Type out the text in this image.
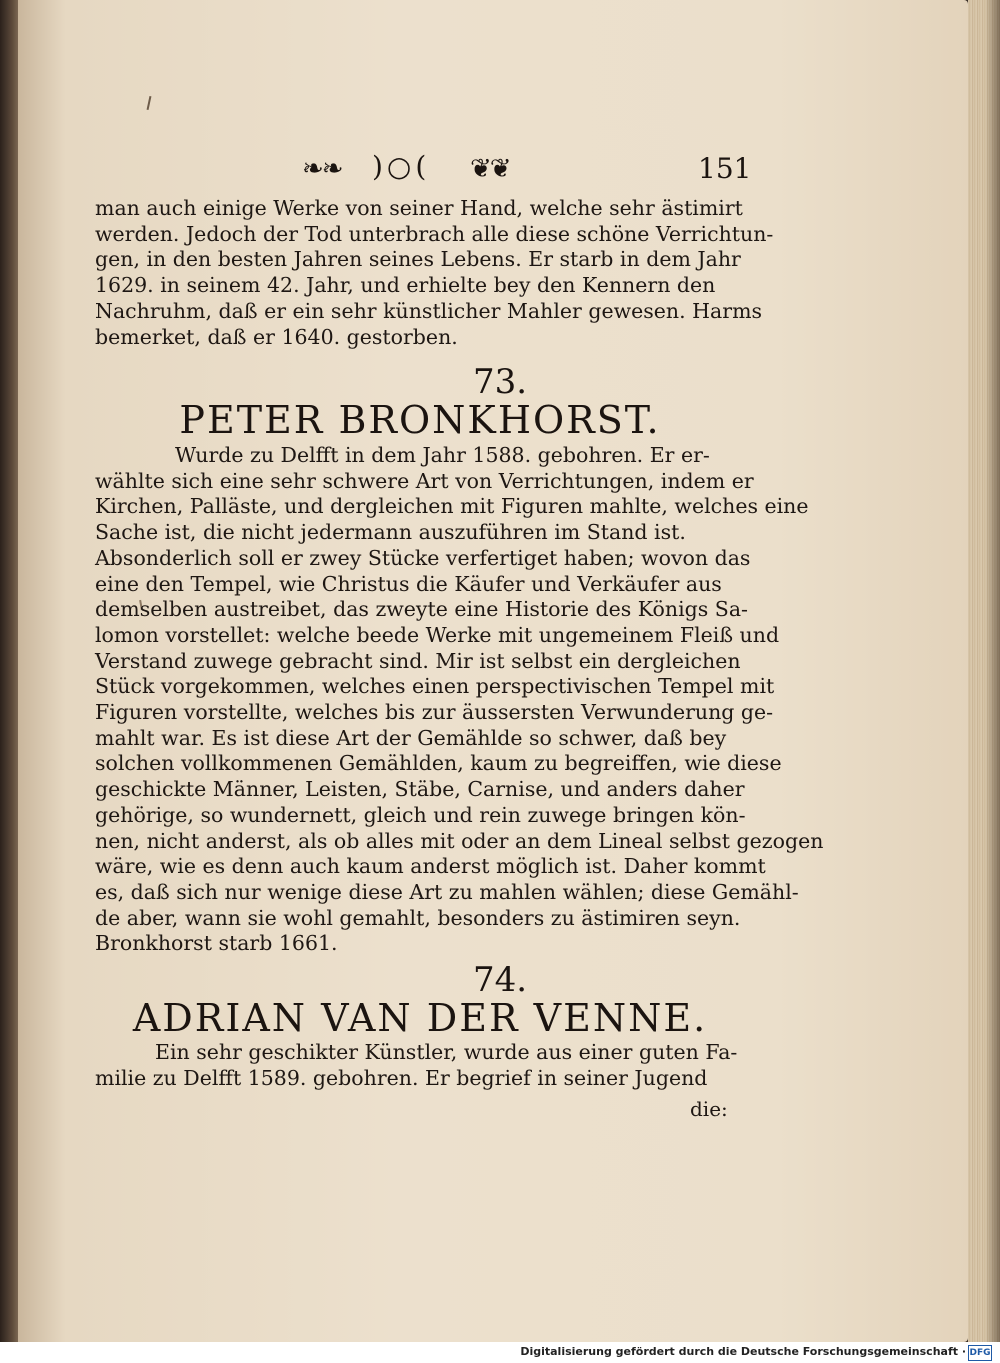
❧❧ )○( ❦❦	151
man auch einige Werke von seiner Hand, welche sehr ästimirt
werden. Jedoch der Tod unterbrach alle diese schöne Verrichtun-
gen, in den besten Jahren seines Lebens. Er starb in dem Jahr
1629. in seinem 42. Jahr, und erhielte bey den Kennern den
Nachruhm, daß er ein sehr künstlicher Mahler gewesen. Harms
bemerket, daß er 1640. gestorben.
73.
PETER BRONKHORST.
Wurde zu Delfft in dem Jahr 1588. gebohren. Er er-
wählte sich eine sehr schwere Art von Verrichtungen, indem er
Kirchen, Palläste, und dergleichen mit Figuren mahlte, welches eine
Sache ist, die nicht jedermann auszuführen im Stand ist.
Absonderlich soll er zwey Stücke verfertiget haben; wovon das
eine den Tempel, wie Christus die Käufer und Verkäufer aus
demselben austreibet, das zweyte eine Historie des Königs Sa-
lomon vorstellet: welche beede Werke mit ungemeinem Fleiß und
Verstand zuwege gebracht sind. Mir ist selbst ein dergleichen
Stück vorgekommen, welches einen perspectivischen Tempel mit
Figuren vorstellte, welches bis zur äussersten Verwunderung ge-
mahlt war. Es ist diese Art der Gemählde so schwer, daß bey
solchen vollkommenen Gemählden, kaum zu begreiffen, wie diese
geschickte Männer, Leisten, Stäbe, Carnise, und anders daher
gehörige, so wundernett, gleich und rein zuwege bringen kön-
nen, nicht anderst, als ob alles mit oder an dem Lineal selbst gezogen
wäre, wie es denn auch kaum anderst möglich ist. Daher kommt
es, daß sich nur wenige diese Art zu mahlen wählen; diese Gemähl-
de aber, wann sie wohl gemahlt, besonders zu ästimiren seyn.
Bronkhorst starb 1661.
74.
ADRIAN VAN DER VENNE.
Ein sehr geschikter Künstler, wurde aus einer guten Fa-
milie zu Delfft 1589. gebohren. Er begrief in seiner Jugend
die:
Digitalisierung gefördert durch die Deutsche Forschungsgemeinschaft · DFG
